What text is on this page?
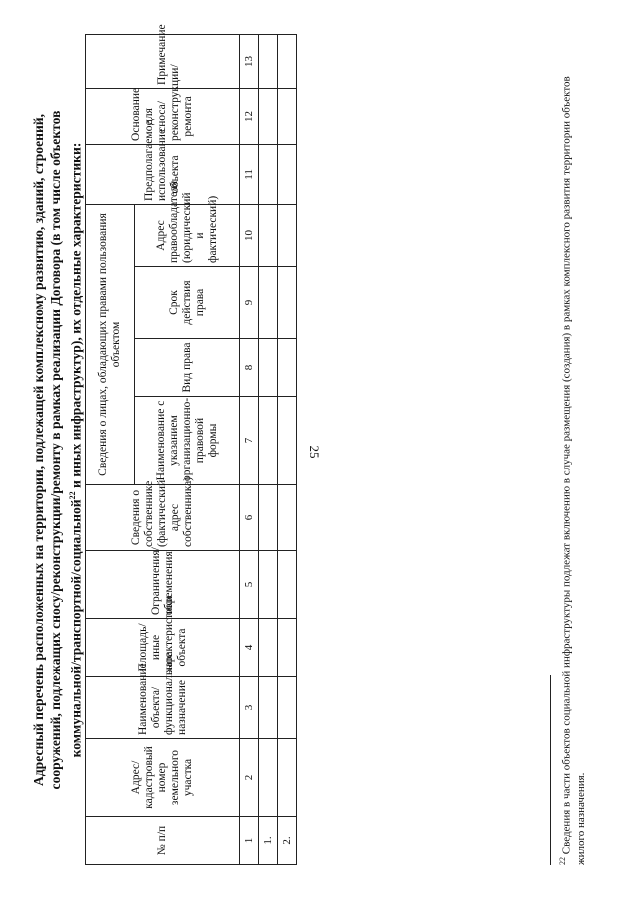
25
Адресный перечень расположенных на территории, подлежащей комплексному развитию, зданий, строений, сооружений, подлежащих сносу/реконструкции/ремонту в рамках реализации Договора (в том числе объектов коммунальной/транспортной/социальной$^{22}$ и иных инфраструктур), их отдельные характеристики:
№ п/п	Адрес/ кадастровый номер земельного участка	Наименование объекта/ функциональное назначение	Площадь/иные характеристики объекта	Ограничения/ обременения	Сведения о собственнике (фактический адрес собственника)	Сведения о лицах, обладающих правами пользования объектом				Предполагаемое использование объекта	Основание для сноса/ реконструкции/ ремонта	Примечание
						Наименование с указанием организационно-правовой формы	Вид права	Срок действия права	Адрес правообладателя (юридический и фактический)			
1	2	3	4	5	6	7	8	9	10	11	12	13
1.												
2.												
$^{22}$ Сведения в части объектов социальной инфраструктуры подлежат включению в случае размещения (создания) в рамках комплексного развития территории объектов жилого назначения.
